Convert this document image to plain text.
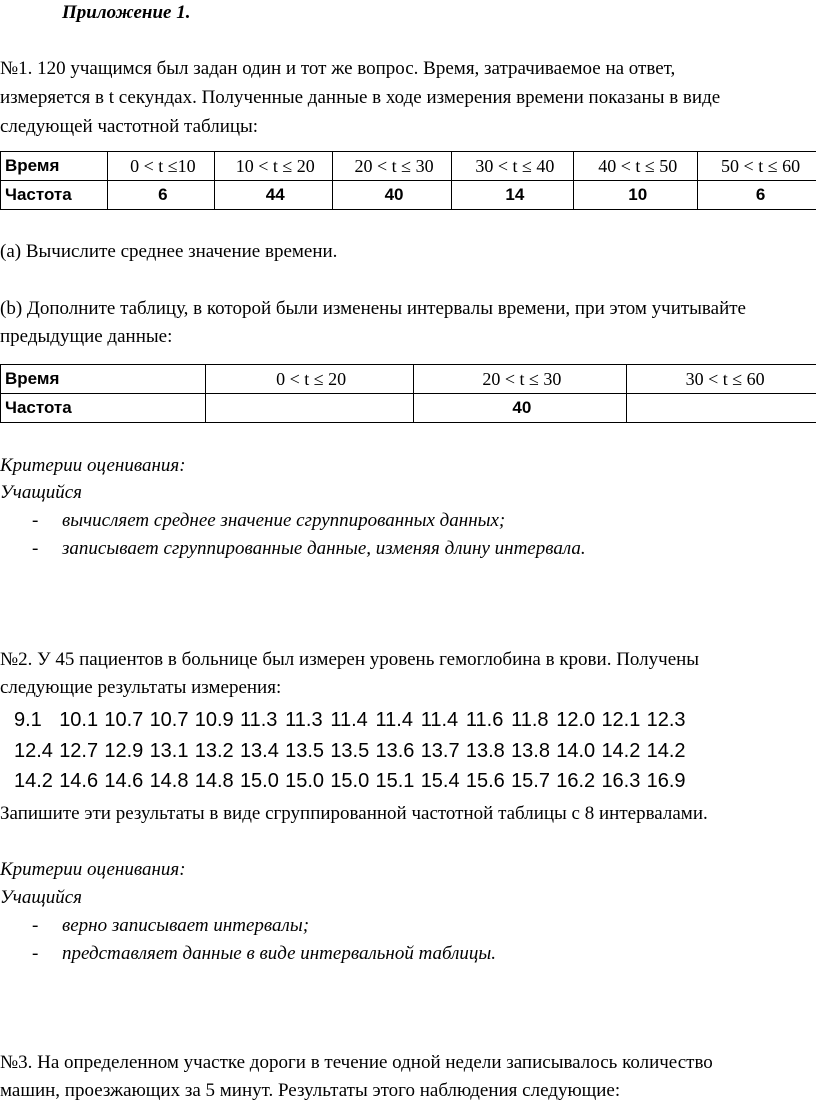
Приложение 1.
№1. 120 учащимся был задан один и тот же вопрос. Время, затрачиваемое на ответ,
измеряется в t секундах. Полученные данные в ходе измерения времени показаны в виде
следующей частотной таблицы:
Время	0 < t ≤10	10 < t ≤ 20	20 < t ≤ 30	30 < t ≤ 40	40 < t ≤ 50	50 < t ≤ 60
Частота	6	44	40	14	10	6
(a) Вычислите среднее значение времени.
(b) Дополните таблицу, в которой были изменены интервалы времени, при этом учитывайте
предыдущие данные:
Время	0 < t ≤ 20	20 < t ≤ 30	30 < t ≤ 60
Частота		40	
Критерии оценивания:
Учащийся
- вычисляет среднее значение сгруппированных данных;
- записывает сгруппированные данные, изменяя длину интервала.
№2. У 45 пациентов в больнице был измерен уровень гемоглобина в крови. Получены
следующие результаты измерения:
9.1 10.1 10.7 10.7 10.9 11.3 11.3 11.4 11.4 11.4 11.6 11.8 12.0 12.1 12.3
12.4 12.7 12.9 13.1 13.2 13.4 13.5 13.5 13.6 13.7 13.8 13.8 14.0 14.2 14.2
14.2 14.6 14.6 14.8 14.8 15.0 15.0 15.0 15.1 15.4 15.6 15.7 16.2 16.3 16.9
Запишите эти результаты в виде сгруппированной частотной таблицы с 8 интервалами.
Критерии оценивания:
Учащийся
- верно записывает интервалы;
- представляет данные в виде интервальной таблицы.
№3. На определенном участке дороги в течение одной недели записывалось количество
машин, проезжающих за 5 минут. Результаты этого наблюдения следующие:
